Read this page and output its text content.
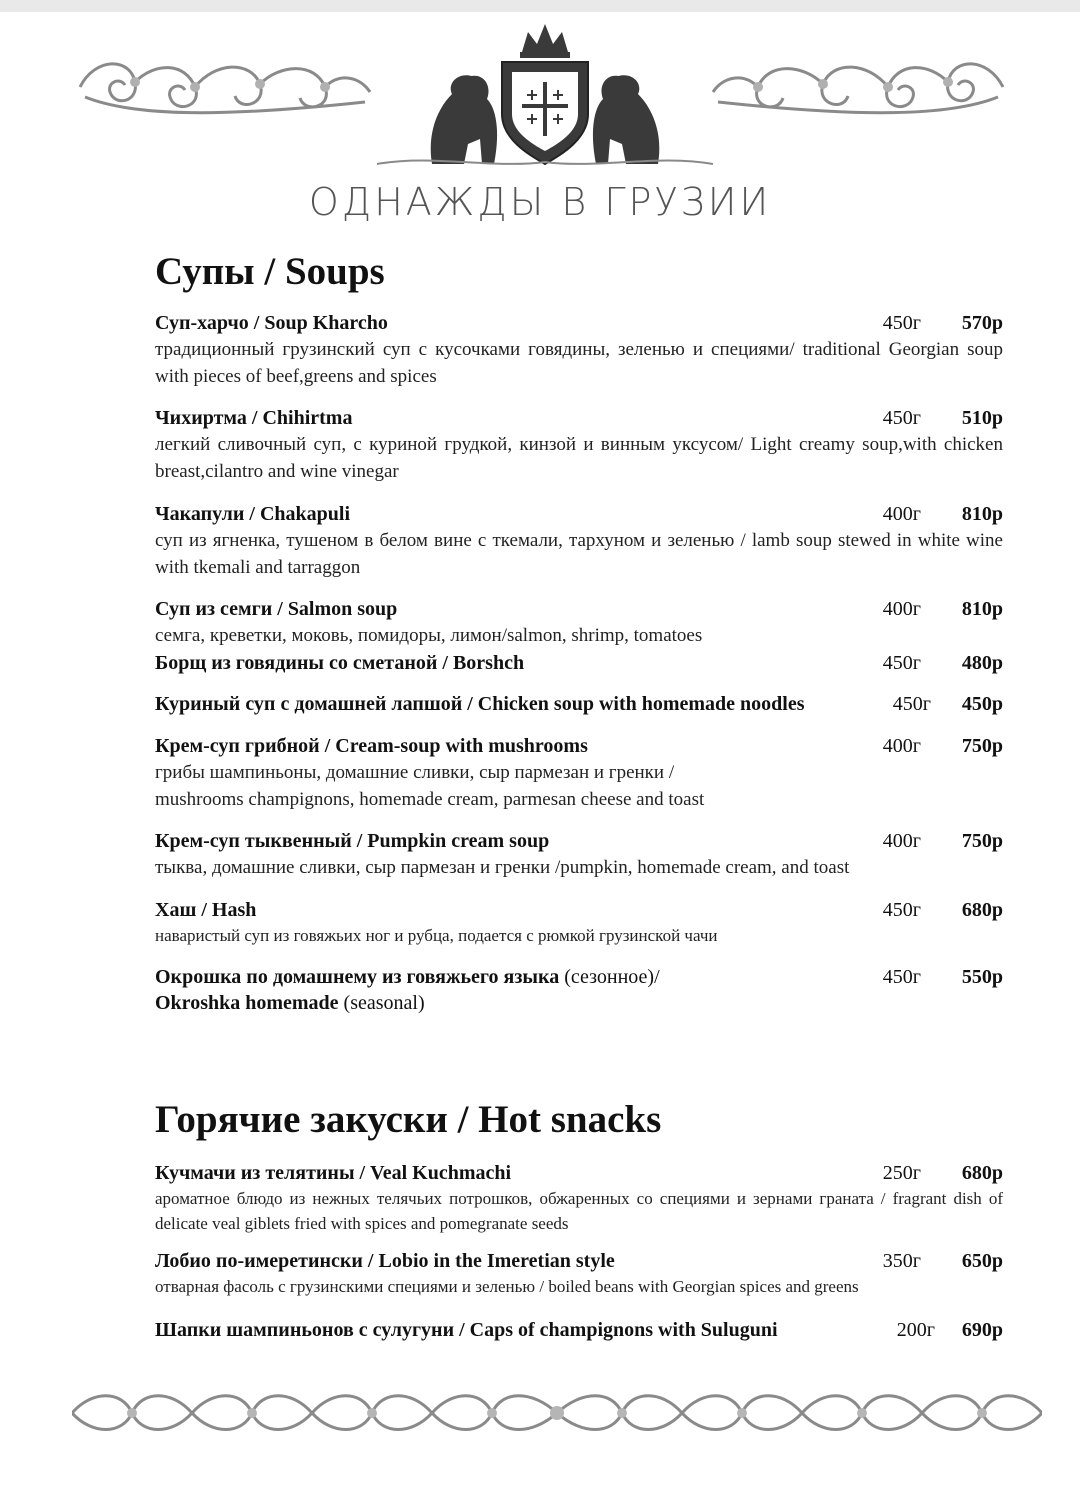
ОДНАЖДЫ В ГРУЗИИ
Супы / Soups
Суп-харчо / Soup Kharcho	450г 570р
традиционный грузинский суп с кусочками говядины, зеленью и специями/ traditional Georgian soup with pieces of beef,greens and spices
Чихиртма / Chihirtma	450г 510р
легкий сливочный суп, с куриной грудкой, кинзой и винным уксусом/ Light creamy soup,with chicken breast,cilantro and wine vinegar
Чакапули / Chakapuli	400г 810р
суп из ягненка, тушеном в белом вине с ткемали, тархуном и зеленью / lamb soup stewed in white wine with tkemali and tarraggon
Суп из семги / Salmon soup	400г 810р
семга, креветки, моковь, помидоры, лимон/salmon, shrimp, tomatoes
Борщ из говядины со сметаной / Borshch	450г 480р
Куриный суп с домашней лапшой / Chicken soup with homemade noodles	450г 450р
Крем-суп грибной / Cream-soup with mushrooms	400г 750р
грибы шампиньоны, домашние сливки, сыр пармезан и гренки /
mushrooms champignons, homemade cream, parmesan cheese and toast
Крем-суп тыквенный / Pumpkin cream soup	400г 750р
тыква, домашние сливки, сыр пармезан и гренки /pumpkin, homemade cream, and toast
Хаш / Hash	450г 680р
наваристый суп из говяжьих ног и рубца, подается с рюмкой грузинской чачи
Окрошка по домашнему из говяжьего языка (сезонное)/	450г 550р
Okroshka homemade (seasonal)
Горячие закуски / Hot snacks
Кучмачи из телятины / Veal Kuchmachi	250г 680р
ароматное блюдо из нежных телячьих потрошков, обжаренных со специями и зернами граната / fragrant dish of delicate veal giblets fried with spices and pomegranate seeds
Лобио по-имеретински / Lobio in the Imeretian style	350г 650р
отварная фасоль с грузинскими специями и зеленью / boiled beans with Georgian spices and greens
Шапки шампиньонов с сулугуни / Caps of champignons with Suluguni	200г 690р
